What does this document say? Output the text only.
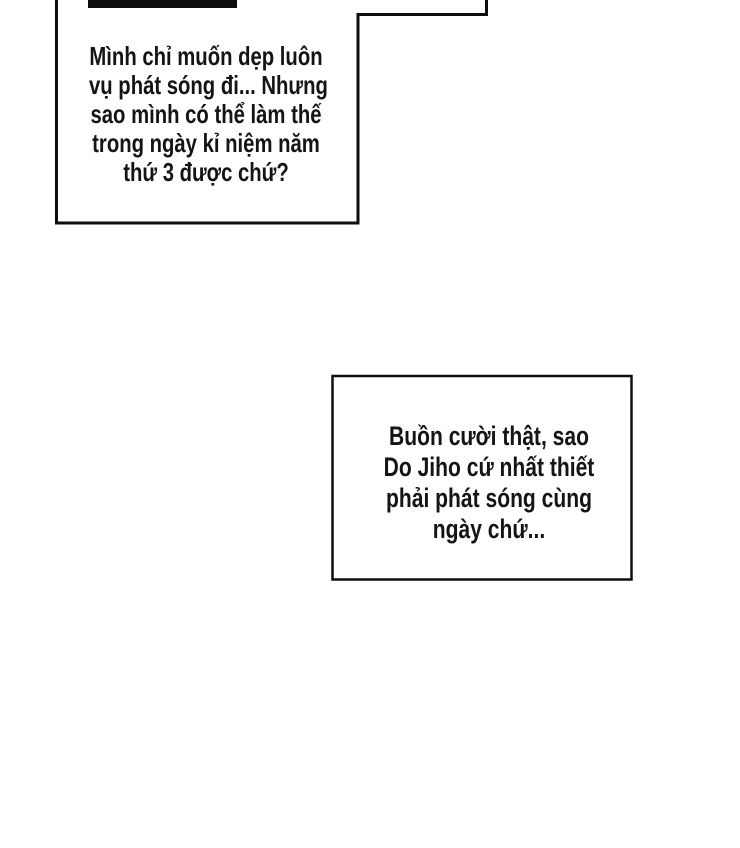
Mình chỉ muốn dẹp luôn
vụ phát sóng đi... Nhưng
sao mình có thể làm thế
trong ngày kỉ niệm năm
thứ 3 được chứ?
Buồn cười thật, sao
Do Jiho cứ nhất thiết
phải phát sóng cùng
ngày chứ...
